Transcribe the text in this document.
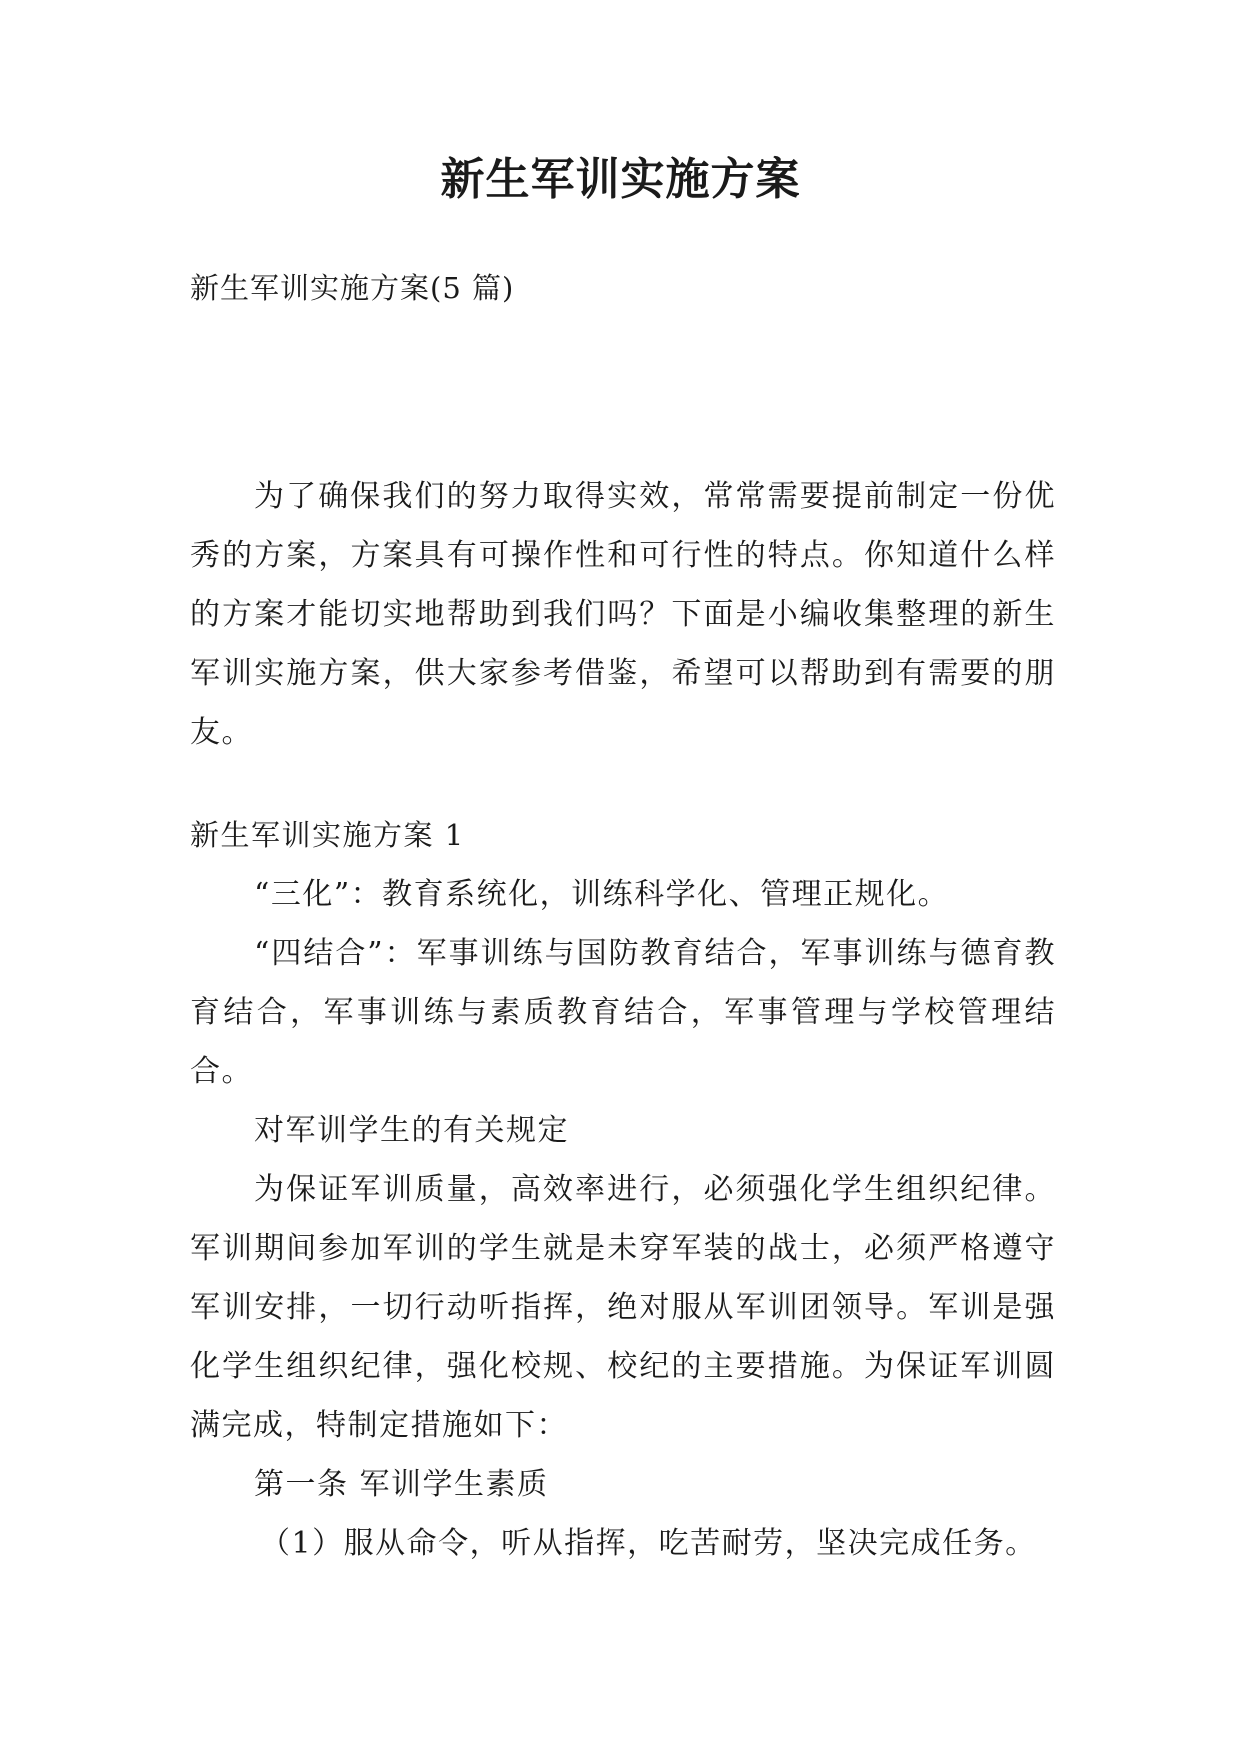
新生军训实施方案

新生军训实施方案(5 篇)

为了确保我们的努力取得实效，常常需要提前制定一份优秀的方案，方案具有可操作性和可行性的特点。你知道什么样的方案才能切实地帮助到我们吗？下面是小编收集整理的新生军训实施方案，供大家参考借鉴，希望可以帮助到有需要的朋友。

新生军训实施方案 1

“三化”：教育系统化，训练科学化、管理正规化。

“四结合”：军事训练与国防教育结合，军事训练与德育教育结合，军事训练与素质教育结合，军事管理与学校管理结合。

对军训学生的有关规定

为保证军训质量，高效率进行，必须强化学生组织纪律。军训期间参加军训的学生就是未穿军装的战士，必须严格遵守军训安排，一切行动听指挥，绝对服从军训团领导。军训是强化学生组织纪律，强化校规、校纪的主要措施。为保证军训圆满完成，特制定措施如下：

第一条 军训学生素质

（1）服从命令，听从指挥，吃苦耐劳，坚决完成任务。
